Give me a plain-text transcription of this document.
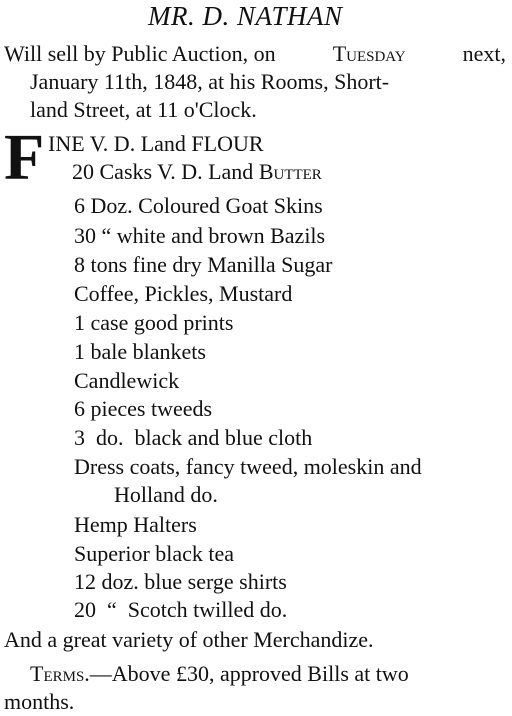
MR. D. NATHAN
Will sell by Public Auction, on	Tuesday	next,
January 11th, 1848, at his Rooms, Short-
land Street, at 11 o'Clock.
F INE V. D. Land FLOUR
20 Casks V. D. Land Butter
6 Doz. Coloured Goat Skins
30 “ white and brown Bazils
8 tons fine dry Manilla Sugar
Coffee, Pickles, Mustard
1 case good prints
1 bale blankets
Candlewick
6 pieces tweeds
3  do.  black and blue cloth
Dress coats, fancy tweed, moleskin and
Holland do.
Hemp Halters
Superior black tea
12 doz. blue serge shirts
20  “  Scotch twilled do.
And a great variety of other Merchandize.
Terms.—Above £30, approved Bills at two
months.
